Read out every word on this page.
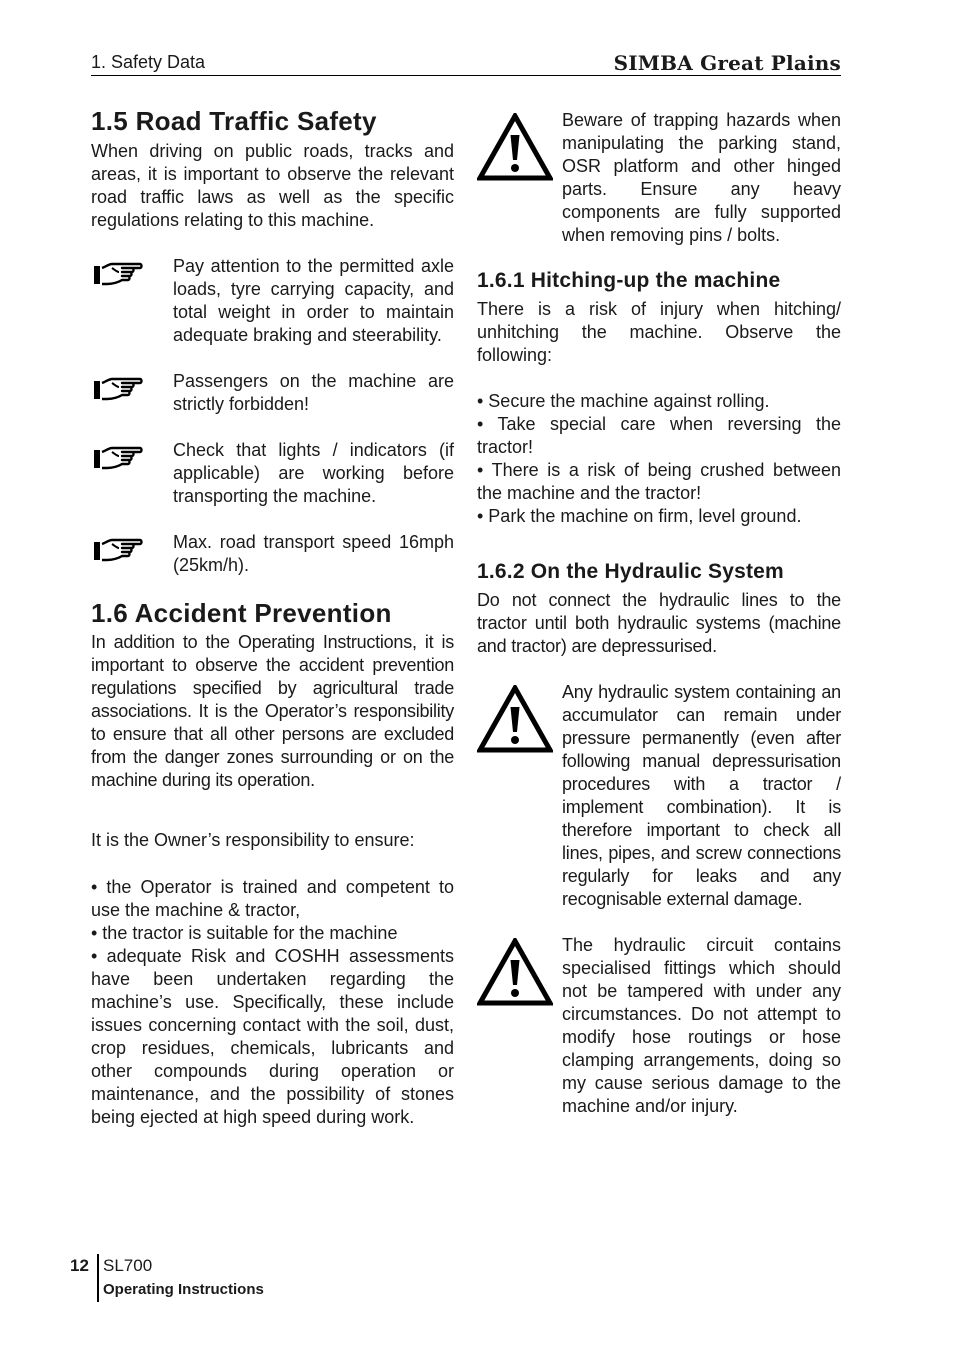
1. Safety Data	SIMBA Great Plains
1.5 Road Traffic Safety

When driving on public roads, tracks and areas, it is important to observe the relevant road traffic laws as well as the specific regulations relating to this machine.

Pay attention to the permitted axle loads, tyre carrying capacity, and total weight in order to maintain adequate braking and steerability.
Passengers on the machine are strictly forbidden!
Check that lights / indicators (if applicable) are working before transporting the machine.
Max. road transport speed 16mph (25km/h).
1.6 Accident Prevention

In addition to the Operating Instructions, it is important to observe the accident prevention regulations specified by agricultural trade associations. It is the Operator’s responsibility to ensure that all other persons are excluded from the danger zones surrounding or on the machine during its operation.

It is the Owner’s responsibility to ensure:

• the Operator is trained and competent to use the machine & tractor,

• the tractor is suitable for the machine

• adequate Risk and COSHH assessments have been undertaken regarding the machine’s use. Specifically, these include issues concerning contact with the soil, dust, crop residues, chemicals, lubricants and other compounds during operation or maintenance, and the possibility of stones being ejected at high speed during work.

Beware of trapping hazards when manipulating the parking stand, OSR platform and other hinged parts. Ensure any heavy components are fully supported when removing pins / bolts.
1.6.1 Hitching-up the machine

There is a risk of injury when hitching/ unhitching the machine. Observe the following:

• Secure the machine against rolling.

• Take special care when reversing the tractor!

• There is a risk of being crushed between the machine and the tractor!

• Park the machine on firm, level ground.

1.6.2 On the Hydraulic System

Do not connect the hydraulic lines to the tractor until both hydraulic systems (machine and tractor) are depressurised.

Any hydraulic system containing an accumulator can remain under pressure permanently (even after following manual depressurisation procedures with a tractor / implement combination). It is therefore important to check all lines, pipes, and screw connections regularly for leaks and any recognisable external damage.
The hydraulic circuit contains specialised fittings which should not be tampered with under any circumstances. Do not attempt to modify hose routings or hose clamping arrangements, doing so my cause serious damage to the machine and/or injury.
12 SL700
Operating Instructions
